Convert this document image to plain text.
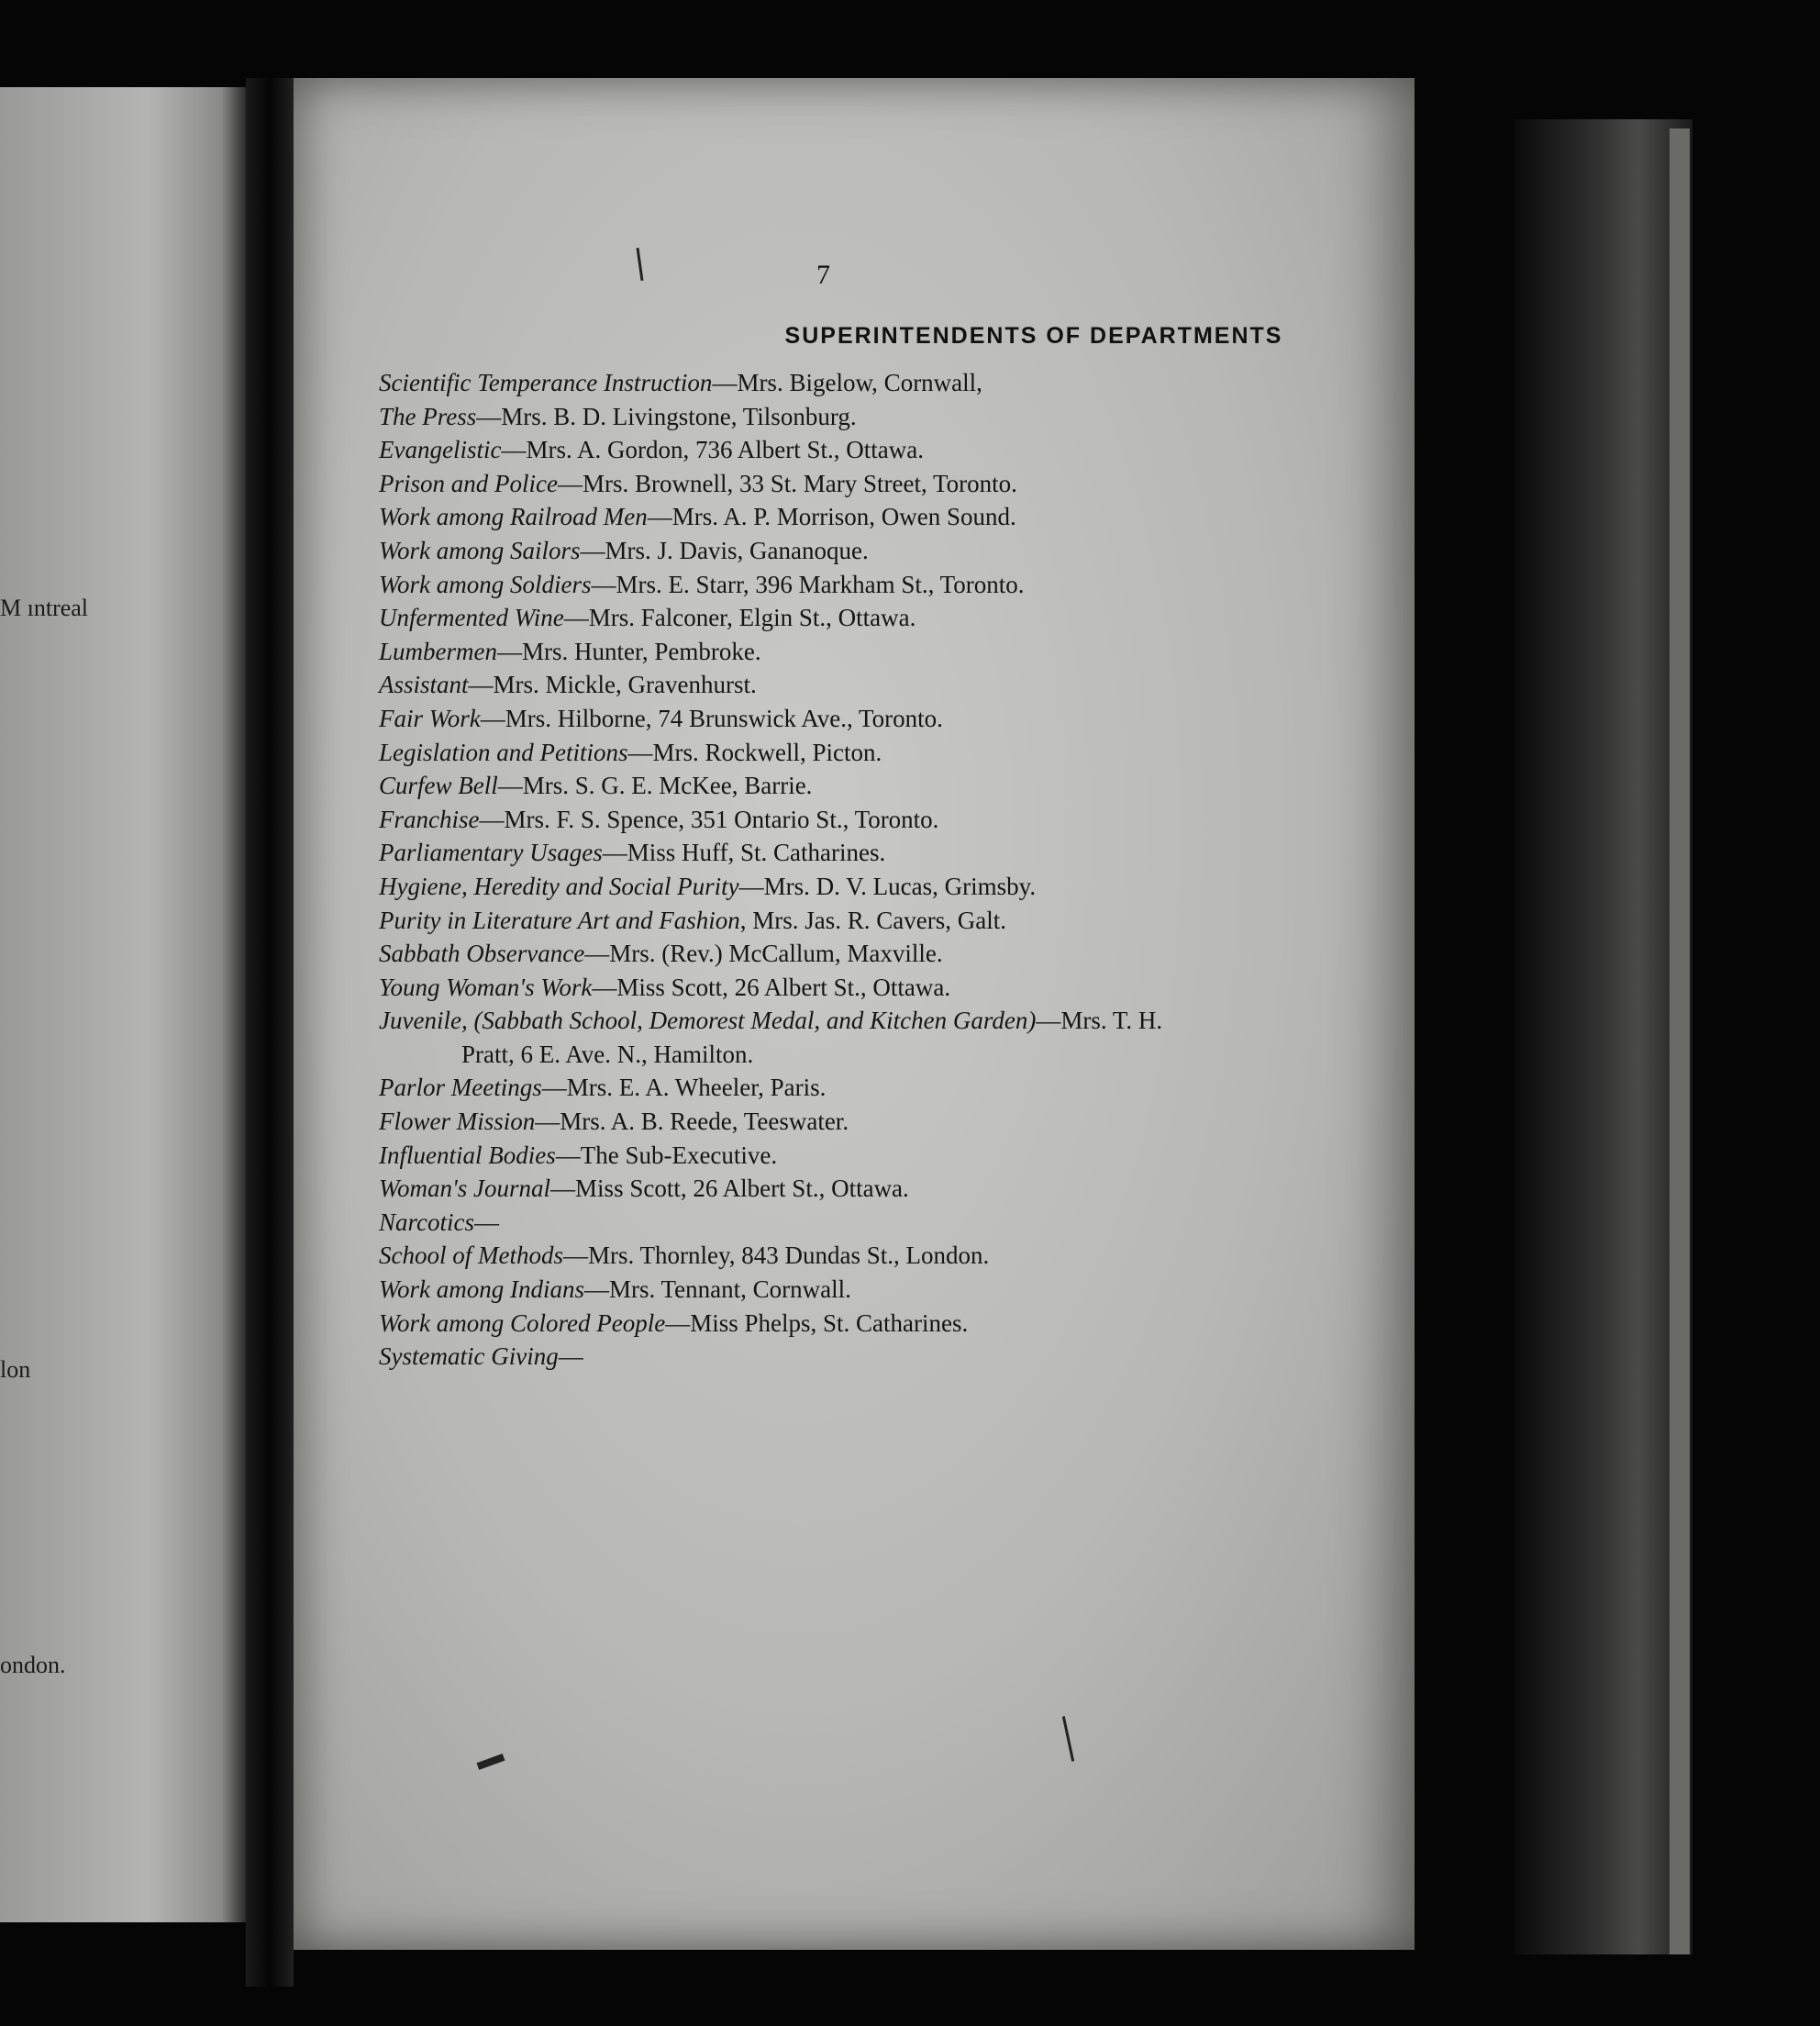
M ıntreal
lon
ondon.
7
SUPERINTENDENTS OF DEPARTMENTS
Scientific Temperance Instruction—Mrs. Bigelow, Cornwall,
The Press—Mrs. B. D. Livingstone, Tilsonburg.
Evangelistic—Mrs. A. Gordon, 736 Albert St., Ottawa.
Prison and Police—Mrs. Brownell, 33 St. Mary Street, Toronto.
Work among Railroad Men—Mrs. A. P. Morrison, Owen Sound.
Work among Sailors—Mrs. J. Davis, Gananoque.
Work among Soldiers—Mrs. E. Starr, 396 Markham St., Toronto.
Unfermented Wine—Mrs. Falconer, Elgin St., Ottawa.
Lumbermen—Mrs. Hunter, Pembroke.
Assistant—Mrs. Mickle, Gravenhurst.
Fair Work—Mrs. Hilborne, 74 Brunswick Ave., Toronto.
Legislation and Petitions—Mrs. Rockwell, Picton.
Curfew Bell—Mrs. S. G. E. McKee, Barrie.
Franchise—Mrs. F. S. Spence, 351 Ontario St., Toronto.
Parliamentary Usages—Miss Huff, St. Catharines.
Hygiene, Heredity and Social Purity—Mrs. D. V. Lucas, Grimsby.
Purity in Literature Art and Fashion, Mrs. Jas. R. Cavers, Galt.
Sabbath Observance—Mrs. (Rev.) McCallum, Maxville.
Young Woman's Work—Miss Scott, 26 Albert St., Ottawa.
Juvenile, (Sabbath School, Demorest Medal, and Kitchen Garden)—Mrs. T. H.
Pratt, 6 E. Ave. N., Hamilton.
Parlor Meetings—Mrs. E. A. Wheeler, Paris.
Flower Mission—Mrs. A. B. Reede, Teeswater.
Influential Bodies—The Sub-Executive.
Woman's Journal—Miss Scott, 26 Albert St., Ottawa.
Narcotics—
School of Methods—Mrs. Thornley, 843 Dundas St., London.
Work among Indians—Mrs. Tennant, Cornwall.
Work among Colored People—Miss Phelps, St. Catharines.
Systematic Giving—
